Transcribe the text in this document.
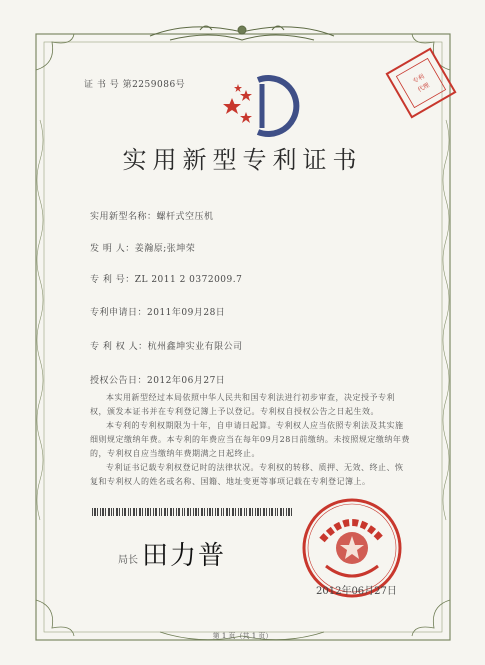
专利
代理
证 书 号 第2259086号
实用新型专利证书
实用新型名称：螺杆式空压机
发 明 人：姜瀚原;张坤荣
专 利 号：ZL 2011 2 0372009.7
专利申请日：2011年09月28日
专 利 权 人：杭州鑫坤实业有限公司
授权公告日：2012年06月27日
本实用新型经过本局依照中华人民共和国专利法进行初步审查，决定授予专利权，颁发本证书并在专利登记簿上予以登记。专利权自授权公告之日起生效。
本专利的专利权期限为十年，自申请日起算。专利权人应当依照专利法及其实施细则规定缴纳年费。本专利的年费应当在每年09月28日前缴纳。未按照规定缴纳年费的，专利权自应当缴纳年费期满之日起终止。
专利证书记载专利权登记时的法律状况。专利权的转移、质押、无效、终止、恢复和专利权人的姓名或名称、国籍、地址变更等事项记载在专利登记簿上。
局长 田力普
2012年06月27日
第 1 页（共 1 页）
